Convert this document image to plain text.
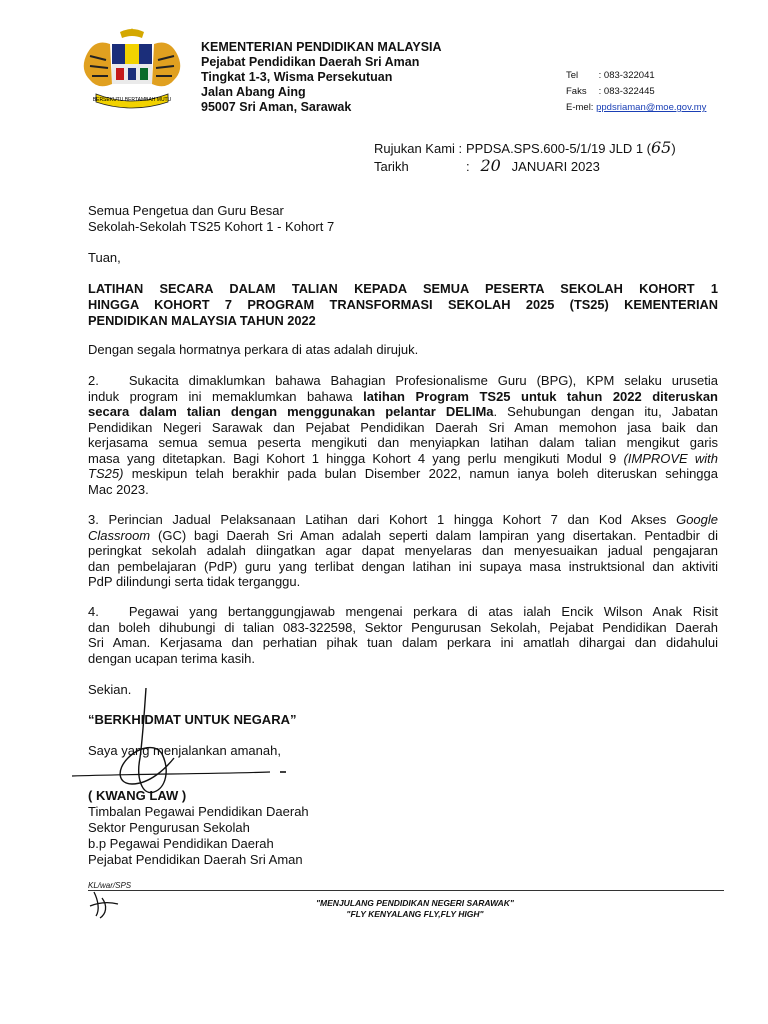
BERSEKUTU BERTAMBAH MUTU
KEMENTERIAN PENDIDIKAN MALAYSIA
Pejabat Pendidikan Daerah Sri Aman
Tingkat 1-3, Wisma Persekutuan
Jalan Abang Aing
95007 Sri Aman, Sarawak
Tel : 083-322041
Faks : 083-322445
E-mel: ppdsriaman@moe.gov.my
Rujukan Kami : PPDSA.SPS.600-5/1/19 JLD 1 (65)
Tarikh	: 20 JANUARI 2023
Semua Pengetua dan Guru Besar
Sekolah-Sekolah TS25 Kohort 1 - Kohort 7
Tuan,
LATIHAN SECARA DALAM TALIAN KEPADA SEMUA PESERTA SEKOLAH KOHORT 1
HINGGA KOHORT 7 PROGRAM TRANSFORMASI SEKOLAH 2025 (TS25) KEMENTERIAN
PENDIDIKAN MALAYSIA TAHUN 2022
Dengan segala hormatnya perkara di atas adalah dirujuk.
2. Sukacita dimaklumkan bahawa Bahagian Profesionalisme Guru (BPG), KPM selaku urusetia
induk program ini memaklumkan bahawa latihan Program TS25 untuk tahun 2022 diteruskan
secara dalam talian dengan menggunakan pelantar DELIMa. Sehubungan dengan itu, Jabatan
Pendidikan Negeri Sarawak dan Pejabat Pendidikan Daerah Sri Aman memohon jasa baik dan
kerjasama semua semua peserta mengikuti dan menyiapkan latihan dalam talian mengikut garis
masa yang ditetapkan. Bagi Kohort 1 hingga Kohort 4 yang perlu mengikuti Modul 9 (IMPROVE with
TS25) meskipun telah berakhir pada bulan Disember 2022, namun ianya boleh diteruskan sehingga
Mac 2023.
3. Perincian Jadual Pelaksanaan Latihan dari Kohort 1 hingga Kohort 7 dan Kod Akses Google
Classroom (GC) bagi Daerah Sri Aman adalah seperti dalam lampiran yang disertakan. Pentadbir di
peringkat sekolah adalah diingatkan agar dapat menyelaras dan menyesuaikan jadual pengajaran
dan pembelajaran (PdP) guru yang terlibat dengan latihan ini supaya masa instruktsional dan aktiviti
PdP dilindungi serta tidak terganggu.
4. Pegawai yang bertanggungjawab mengenai perkara di atas ialah Encik Wilson Anak Risit
dan boleh dihubungi di talian 083-322598, Sektor Pengurusan Sekolah, Pejabat Pendidikan Daerah
Sri Aman. Kerjasama dan perhatian pihak tuan dalam perkara ini amatlah dihargai dan didahului
dengan ucapan terima kasih.
Sekian.
“BERKHIDMAT UNTUK NEGARA”
Saya yang menjalankan amanah,
( KWANG LAW )
Timbalan Pegawai Pendidikan Daerah
Sektor Pengurusan Sekolah
b.p Pegawai Pendidikan Daerah
Pejabat Pendidikan Daerah Sri Aman
KL/war/SPS
"MENJULANG PENDIDIKAN NEGERI SARAWAK"
"FLY KENYALANG FLY,FLY HIGH"
